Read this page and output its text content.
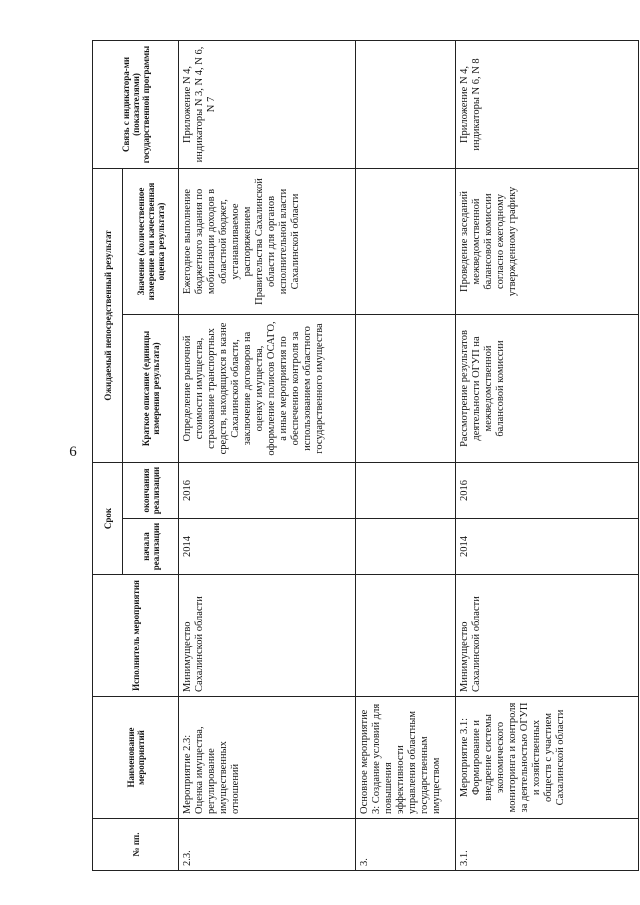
6
№ пп.	Наименование мероприятий	Исполнитель мероприятия	Срок		Ожидаемый непосредственный результат		Связь с индикатора-ми (показателями) государственной программы
			начала реализации	окончания реализации	Краткое описание (единицы измерения результата)	Значение (количественное измерение или качественная оценка результата)	
2.3.	Мероприятие 2.3: Оценка имущества, регулирование имущественных отношений	Минимущество Сахалинской области	2014	2016	Определение рыночной стоимости имущества, страхование транспортных средств, находящихся в казне Сахалинской области, заключение договоров на оценку имущества, оформление полисов ОСАГО, а иные мероприятия по обеспечению контроля за использованием областного государственного имущества	Ежегодное выполнение бюджетного задания по мобилизации доходов в областной бюджет, устанавливаемое распоряжением Правительства Сахалинской области для органов исполнительной власти Сахалинской области	Приложение N 4, индикаторы N 3, N 4, N 6, N 7
3.	Основное мероприятие 3: Создание условий для повышения эффективности управления областным государственным имуществом						
3.1.	Мероприятие 3.1: Формирование и внедрение системы экономического мониторинга и контроля за деятельностью ОГУП и хозяйственных обществ с участием Сахалинской области	Минимущество Сахалинской области	2014	2016	Рассмотрение результатов деятельности ОГУП на межведомственной балансовой комиссии	Проведение заседаний межведомственной балансовой комиссии согласно ежегодному утвержденному графику	Приложение N 4, индикаторы N 6, N 8
